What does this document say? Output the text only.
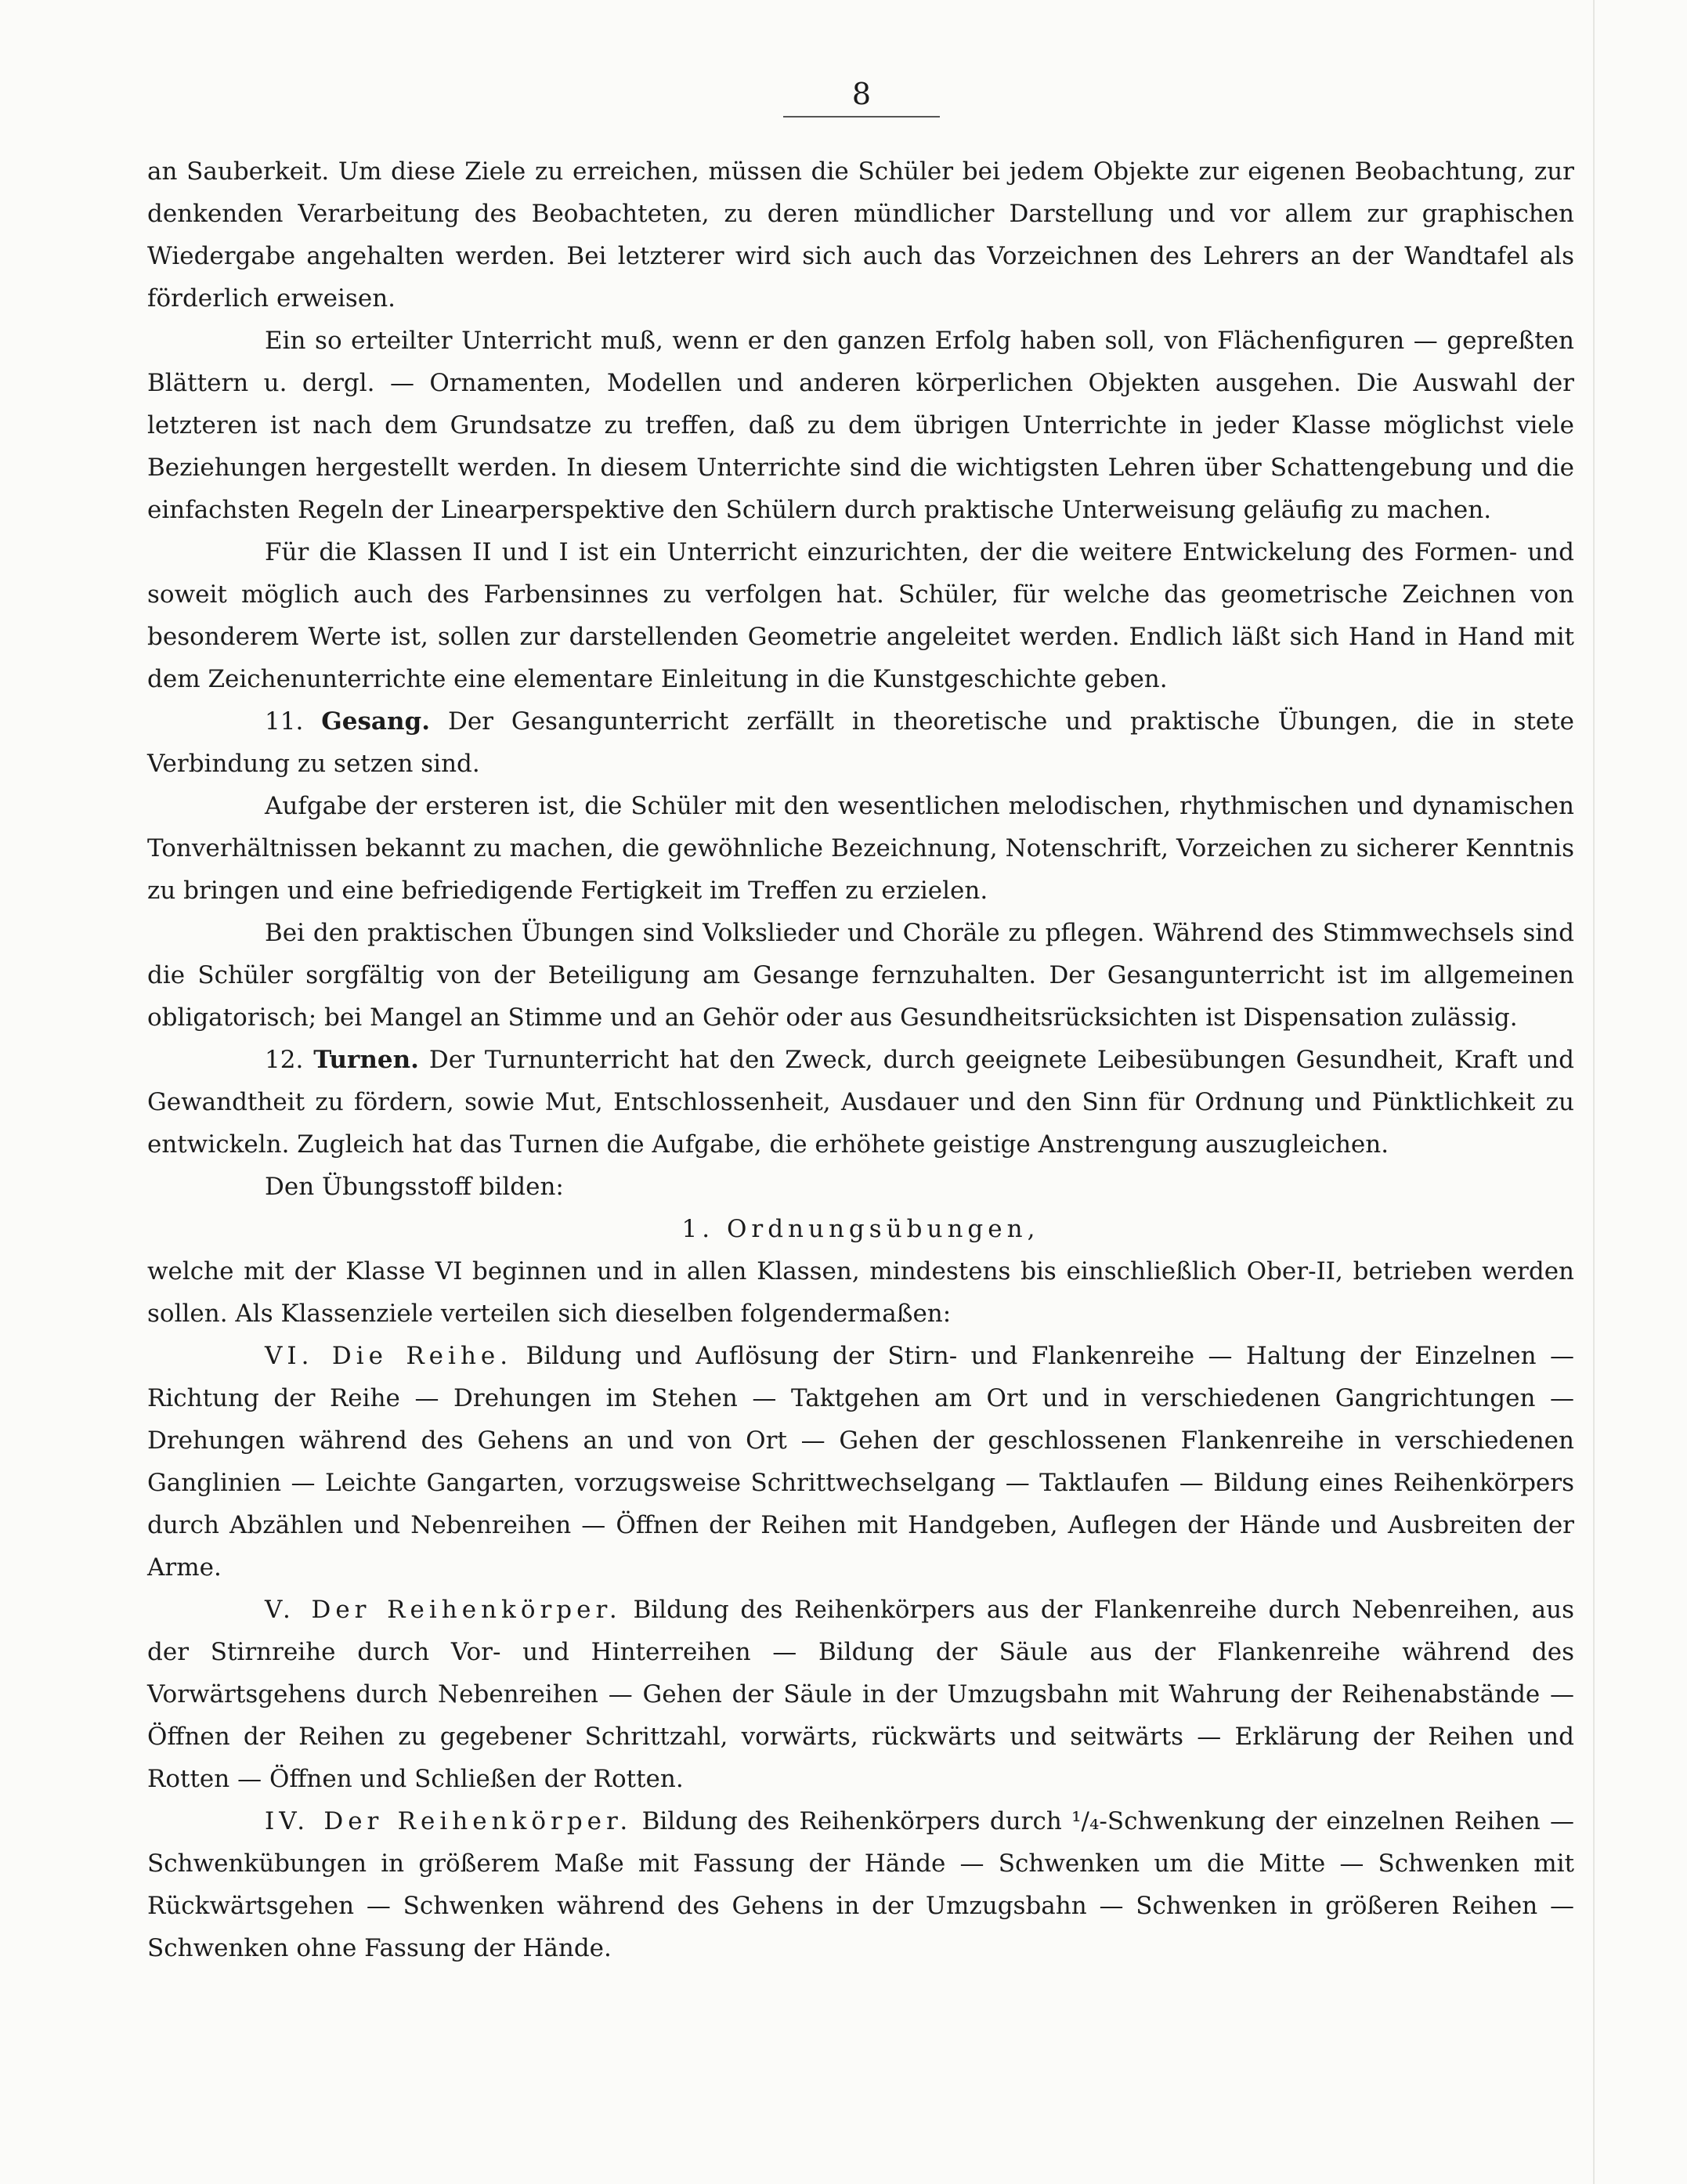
8

an Sauberkeit. Um diese Ziele zu erreichen, müssen die Schüler bei jedem Objekte zur eigenen Beobachtung, zur denkenden Verarbeitung des Beobachteten, zu deren mündlicher Darstellung und vor allem zur graphischen Wiedergabe angehalten werden. Bei letzterer wird sich auch das Vorzeichnen des Lehrers an der Wandtafel als förderlich erweisen.

Ein so erteilter Unterricht muß, wenn er den ganzen Erfolg haben soll, von Flächenfiguren — gepreßten Blättern u. dergl. — Ornamenten, Modellen und anderen körperlichen Objekten ausgehen. Die Auswahl der letzteren ist nach dem Grundsatze zu treffen, daß zu dem übrigen Unterrichte in jeder Klasse möglichst viele Beziehungen hergestellt werden. In diesem Unterrichte sind die wichtigsten Lehren über Schattengebung und die einfachsten Regeln der Linearperspektive den Schülern durch praktische Unterweisung geläufig zu machen.

Für die Klassen II und I ist ein Unterricht einzurichten, der die weitere Entwickelung des Formen- und soweit möglich auch des Farbensinnes zu verfolgen hat. Schüler, für welche das geometrische Zeichnen von besonderem Werte ist, sollen zur darstellenden Geometrie angeleitet werden. Endlich läßt sich Hand in Hand mit dem Zeichenunterrichte eine elementare Einleitung in die Kunstgeschichte geben.

11. Gesang. Der Gesangunterricht zerfällt in theoretische und praktische Übungen, die in stete Verbindung zu setzen sind.

Aufgabe der ersteren ist, die Schüler mit den wesentlichen melodischen, rhythmischen und dynamischen Tonverhältnissen bekannt zu machen, die gewöhnliche Bezeichnung, Notenschrift, Vorzeichen zu sicherer Kenntnis zu bringen und eine befriedigende Fertigkeit im Treffen zu erzielen.

Bei den praktischen Übungen sind Volkslieder und Choräle zu pflegen. Während des Stimmwechsels sind die Schüler sorgfältig von der Beteiligung am Gesange fernzuhalten. Der Gesangunterricht ist im allgemeinen obligatorisch; bei Mangel an Stimme und an Gehör oder aus Gesundheitsrücksichten ist Dispensation zulässig.

12. Turnen. Der Turnunterricht hat den Zweck, durch geeignete Leibesübungen Gesundheit, Kraft und Gewandtheit zu fördern, sowie Mut, Entschlossenheit, Ausdauer und den Sinn für Ordnung und Pünktlichkeit zu entwickeln. Zugleich hat das Turnen die Aufgabe, die erhöhete geistige Anstrengung auszugleichen.

Den Übungsstoff bilden:

1. Ordnungsübungen,

welche mit der Klasse VI beginnen und in allen Klassen, mindestens bis einschließlich Ober-II, betrieben werden sollen. Als Klassenziele verteilen sich dieselben folgendermaßen:

VI. Die Reihe. Bildung und Auflösung der Stirn- und Flankenreihe — Haltung der Einzelnen — Richtung der Reihe — Drehungen im Stehen — Taktgehen am Ort und in verschiedenen Gangrichtungen — Drehungen während des Gehens an und von Ort — Gehen der geschlossenen Flankenreihe in verschiedenen Ganglinien — Leichte Gangarten, vorzugsweise Schrittwechselgang — Taktlaufen — Bildung eines Reihenkörpers durch Abzählen und Nebenreihen — Öffnen der Reihen mit Handgeben, Auflegen der Hände und Ausbreiten der Arme.

V. Der Reihenkörper. Bildung des Reihenkörpers aus der Flankenreihe durch Nebenreihen, aus der Stirnreihe durch Vor- und Hinterreihen — Bildung der Säule aus der Flankenreihe während des Vorwärtsgehens durch Nebenreihen — Gehen der Säule in der Umzugsbahn mit Wahrung der Reihenabstände — Öffnen der Reihen zu gegebener Schrittzahl, vorwärts, rückwärts und seitwärts — Erklärung der Reihen und Rotten — Öffnen und Schließen der Rotten.

IV. Der Reihenkörper. Bildung des Reihenkörpers durch ¹/₄-Schwenkung der einzelnen Reihen — Schwenkübungen in größerem Maße mit Fassung der Hände — Schwenken um die Mitte — Schwenken mit Rückwärtsgehen — Schwenken während des Gehens in der Umzugsbahn — Schwenken in größeren Reihen — Schwenken ohne Fassung der Hände.
